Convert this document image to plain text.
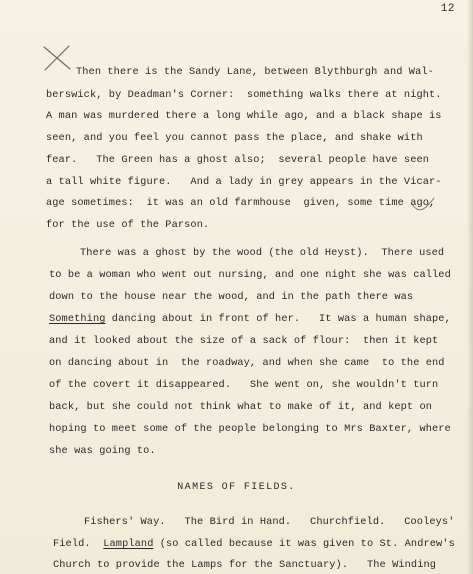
12
Then there is the Sandy Lane, between Blythburgh and Wal-
berswick, by Deadman's Corner:  something walks there at night.
A man was murdered there a long while ago, and a black shape is
seen, and you feel you cannot pass the place, and shake with
fear.   The Green has a ghost also;  several people have seen
a tall white figure.   And a lady in grey appears in the Vicar-
age sometimes:  it was an old farmhouse  given, some time ago,
for the use of the Parson.
There was a ghost by the wood (the old Heyst).  There used
to be a woman who went out nursing, and one night she was called
down to the house near the wood, and in the path there was
Something dancing about in front of her.   It was a human shape,
and it looked about the size of a sack of flour:  then it kept
on dancing about in  the roadway, and when she came  to the end
of the covert it disappeared.   She went on, she wouldn't turn
back, but she could not think what to make of it, and kept on
hoping to meet some of the people belonging to Mrs Baxter, where
she was going to.
NAMES OF FIELDS.
Fishers' Way.   The Bird in Hand.   Churchfield.   Cooleys'
Field.  Lampland (so called because it was given to St. Andrew's
Church to provide the Lamps for the Sanctuary).   The Winding
